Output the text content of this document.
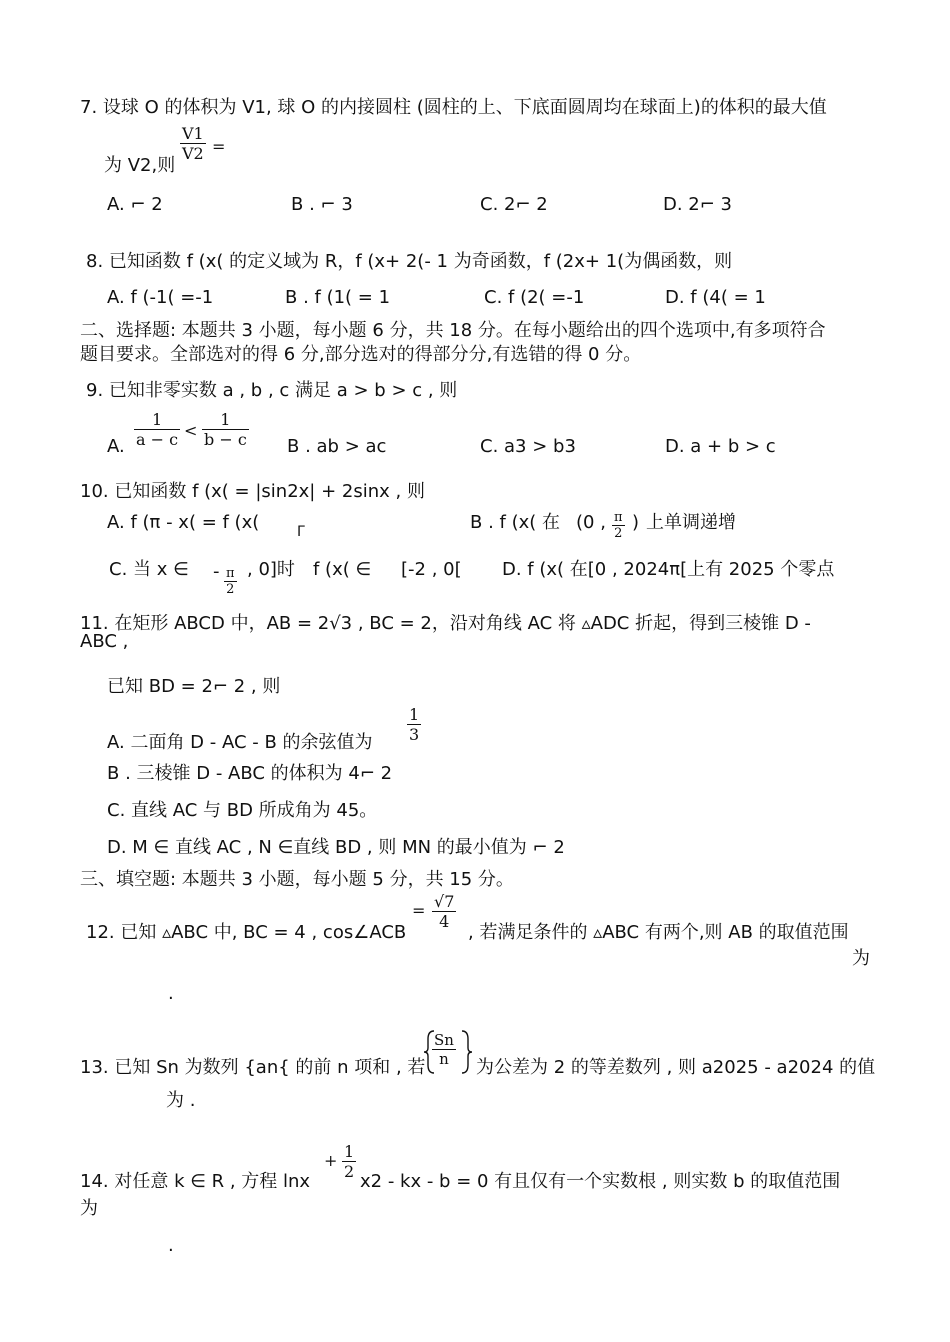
7. 设球 O 的体积为 V1, 球 O 的内接圆柱 (圆柱的上、下底面圆周均在球面上)的体积的最大值
为 V2,则
$\frac{V1}{V2}$ =
A. ⌐ 2	B . ⌐ 3	C. 2⌐ 2	D. 2⌐ 3
8. 已知函数 f (x( 的定义域为 R，f (x+ 2(- 1 为奇函数，f (2x+ 1(为偶函数，则
A. f (-1( =-1	B . f (1( = 1	C. f (2( =-1	D. f (4( = 1
二、选择题: 本题共 3 小题，每小题 6 分，共 18 分。在每小题给出的四个选项中,有多项符合
题目要求。全部选对的得 6 分,部分选对的得部分分,有选错的得 0 分。
9. 已知非零实数 a , b , c 满足 a > b > c , 则
A. $\frac{1}{a - c} < \frac{1}{b - c}$ B . ab > ac	C. a3 > b3	D. a + b > c
10. 已知函数 f (x( = |sin2x| + 2sinx , 则
A. f (π - x( = f (x(	Γ	B . f (x( 在 (0 , $\frac{\pi}{2}$ ) 上单调递增
C. 当 x ∈ - $\frac{\pi}{2}$ , 0]时 f (x( ∈ [-2 , 0[ D. f (x( 在[0 , 2024π[上有 2025 个零点
11. 在矩形 ABCD 中，AB = 2√3 , BC = 2，沿对角线 AC 将 ▵ADC 折起，得到三棱锥 D -
ABC ,
已知 BD = 2⌐ 2 , 则
A. 二面角 D - AC - B 的余弦值为 $\frac{1}{3}$
B . 三棱锥 D - ABC 的体积为 4⌐ 2
C. 直线 AC 与 BD 所成角为 45。
D. M ∈ 直线 AC , N ∈直线 BD , 则 MN 的最小值为 ⌐ 2
三、填空题: 本题共 3 小题，每小题 5 分，共 15 分。
12. 已知 ▵ABC 中, BC = 4 , cos∠ACB
= $\frac{√7}{4}$
, 若满足条件的 ▵ABC 有两个,则 AB 的取值范围
为
.
13. 已知 Sn 为数列 {an{ 的前 n 项和 , 若 $\frac{Sn}{n}$ 为公差为 2 的等差数列 , 则 a2025 - a2024 的值
为 .
14. 对任意 k ∈ R , 方程 lnx
+ $\frac{1}{2}$
x2 - kx - b = 0 有且仅有一个实数根 , 则实数 b 的取值范围
为
.
